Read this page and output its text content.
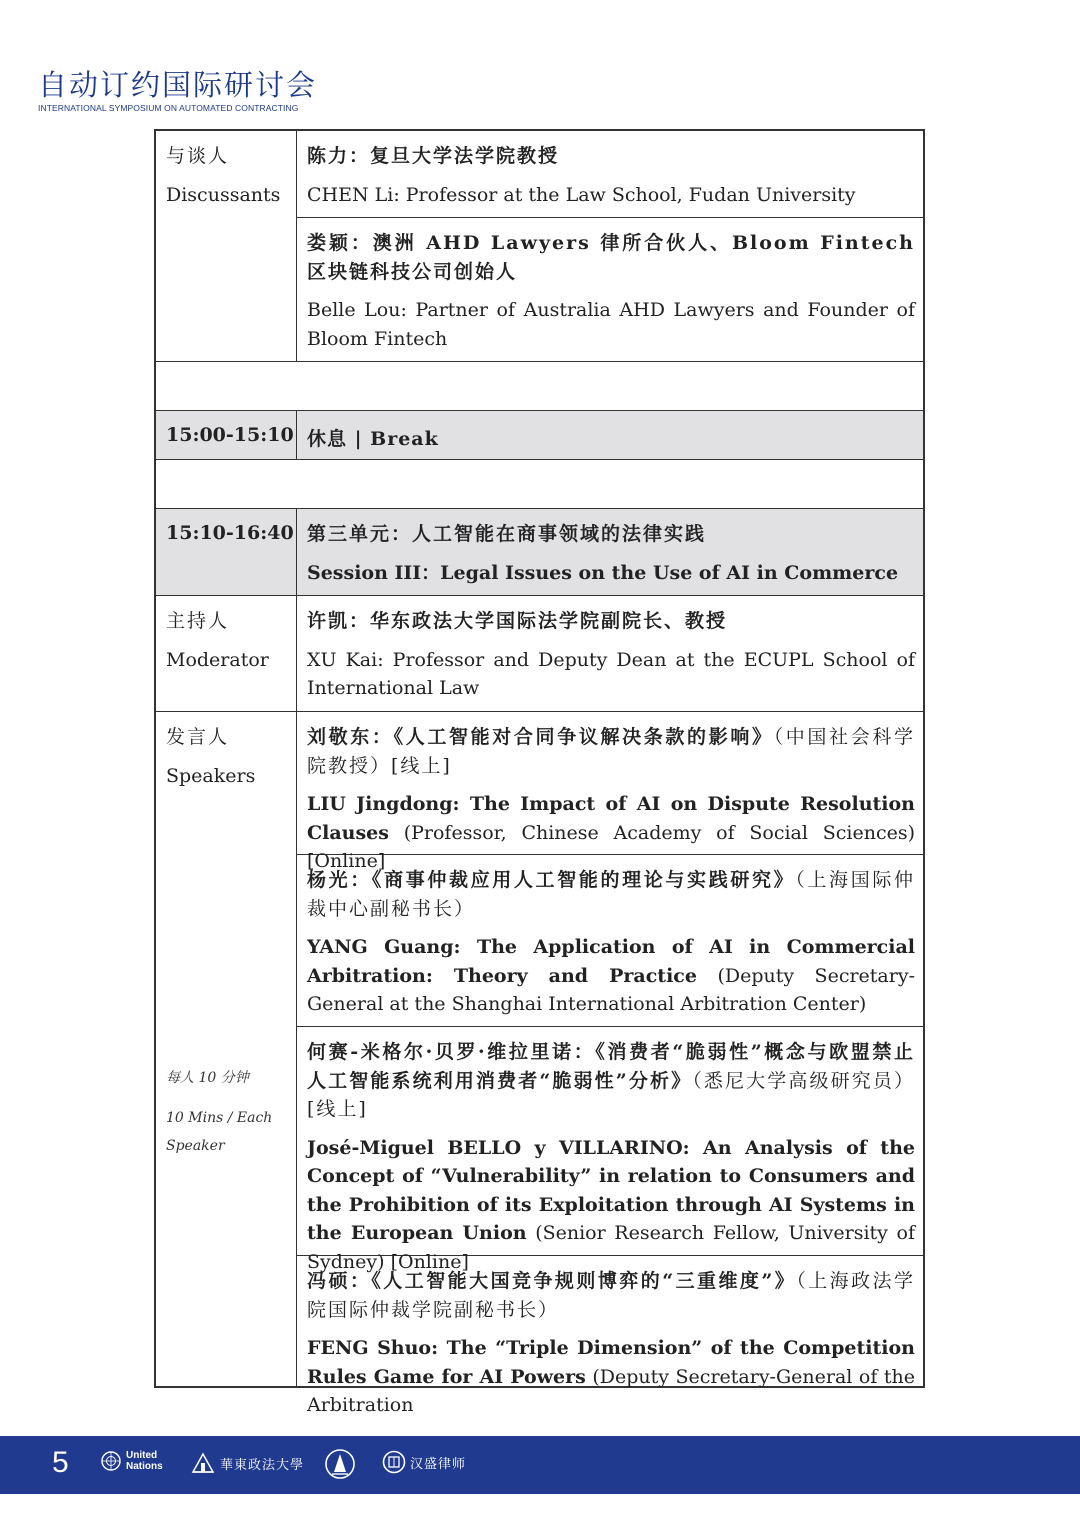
自动订约国际研讨会
INTERNATIONAL SYMPOSIUM ON AUTOMATED CONTRACTING
与谈人
Discussants

陈力：复旦大学法学院教授

CHEN Li: Professor at the Law School, Fudan University

娄颖：澳洲 AHD Lawyers 律所合伙人、Bloom Fintech 区块链科技公司创始人

Belle Lou: Partner of Australia AHD Lawyers and Founder of Bloom Fintech

15:00-15:10 休息 | Break
15:10-16:40 第三单元：人工智能在商事领域的法律实践

Session III：Legal Issues on the Use of AI in Commerce

主持人
Moderator

许凯：华东政法大学国际法学院副院长、教授

XU Kai: Professor and Deputy Dean at the ECUPL School of International Law

发言人
Speakers
每人 10 分钟
10 Mins / Each Speaker

刘敬东：《人工智能对合同争议解决条款的影响》（中国社会科学院教授）[线上]

LIU Jingdong: The Impact of AI on Dispute Resolution Clauses (Professor, Chinese Academy of Social Sciences) [Online]

杨光：《商事仲裁应用人工智能的理论与实践研究》（上海国际仲裁中心副秘书长）

YANG Guang: The Application of AI in Commercial Arbitration: Theory and Practice (Deputy Secretary-General at the Shanghai International Arbitration Center)

何赛-米格尔·贝罗·维拉里诺：《消费者“脆弱性”概念与欧盟禁止人工智能系统利用消费者“脆弱性”分析》（悉尼大学高级研究员）[线上]

José-Miguel BELLO y VILLARINO: An Analysis of the Concept of “Vulnerability” in relation to Consumers and the Prohibition of its Exploitation through AI Systems in the European Union (Senior Research Fellow, University of Sydney) [Online]

冯硕：《人工智能大国竞争规则博弈的“三重维度”》（上海政法学院国际仲裁学院副秘书长）

FENG Shuo: The “Triple Dimension” of the Competition Rules Game for AI Powers (Deputy Secretary-General of the Arbitration

5	United Nations	華東政法大學	汉盛律师
